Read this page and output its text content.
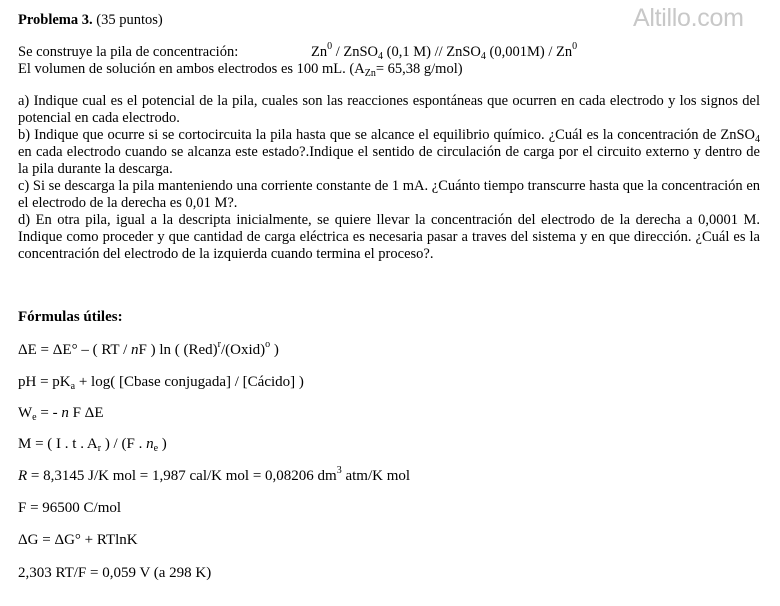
Altillo.com
Problema 3. (35 puntos)
Se construye la pila de concentración:	Zn$^0$ / ZnSO$_4$ (0,1 M) // ZnSO$_4$ (0,001M) / Zn$^0$
El volumen de solución en ambos electrodos es 100 mL. ($A_{Zn}= 65,38$ g/mol)

a) Indique cual es el potencial de la pila, cuales son las reacciones espontáneas que ocurren en cada electrodo y los signos del potencial en cada electrodo.

b) Indique que ocurre si se cortocircuita la pila hasta que se alcance el equilibrio químico. ¿Cuál es la concentración de ZnSO$_4$ en cada electrodo cuando se alcanza este estado?.Indique el sentido de circulación de carga por el circuito externo y dentro de la pila durante la descarga.

c) Si se descarga la pila manteniendo una corriente constante de 1 mA. ¿Cuánto tiempo transcurre hasta que la concentración en el electrodo de la derecha es 0,01 M?.

d) En otra pila, igual a la descripta inicialmente, se quiere llevar la concentración del electrodo de la derecha a 0,0001 M. Indique como proceder y que cantidad de carga eléctrica es necesaria pasar a traves del sistema y en que dirección. ¿Cuál es la concentración del electrodo de la izquierda cuando termina el proceso?.

Fórmulas útiles:
ΔE = ΔE° – ( RT / nF ) ln ( (Red)$^r$/(Oxid)$^o$ )
pH = $pK_a + \log$( [Cbase conjugada] / [Cácido] )
$W_e$ = - n F ΔE
M = ( I . t . $A_r$ ) / (F . $n_e$ )
R = 8,3145 J/K mol = 1,987 cal/K mol = 0,08206 $dm^3$ atm/K mol
F = 96500 C/mol
ΔG = ΔG° + RTlnK
2,303 RT/F = 0,059 V (a 298 K)
